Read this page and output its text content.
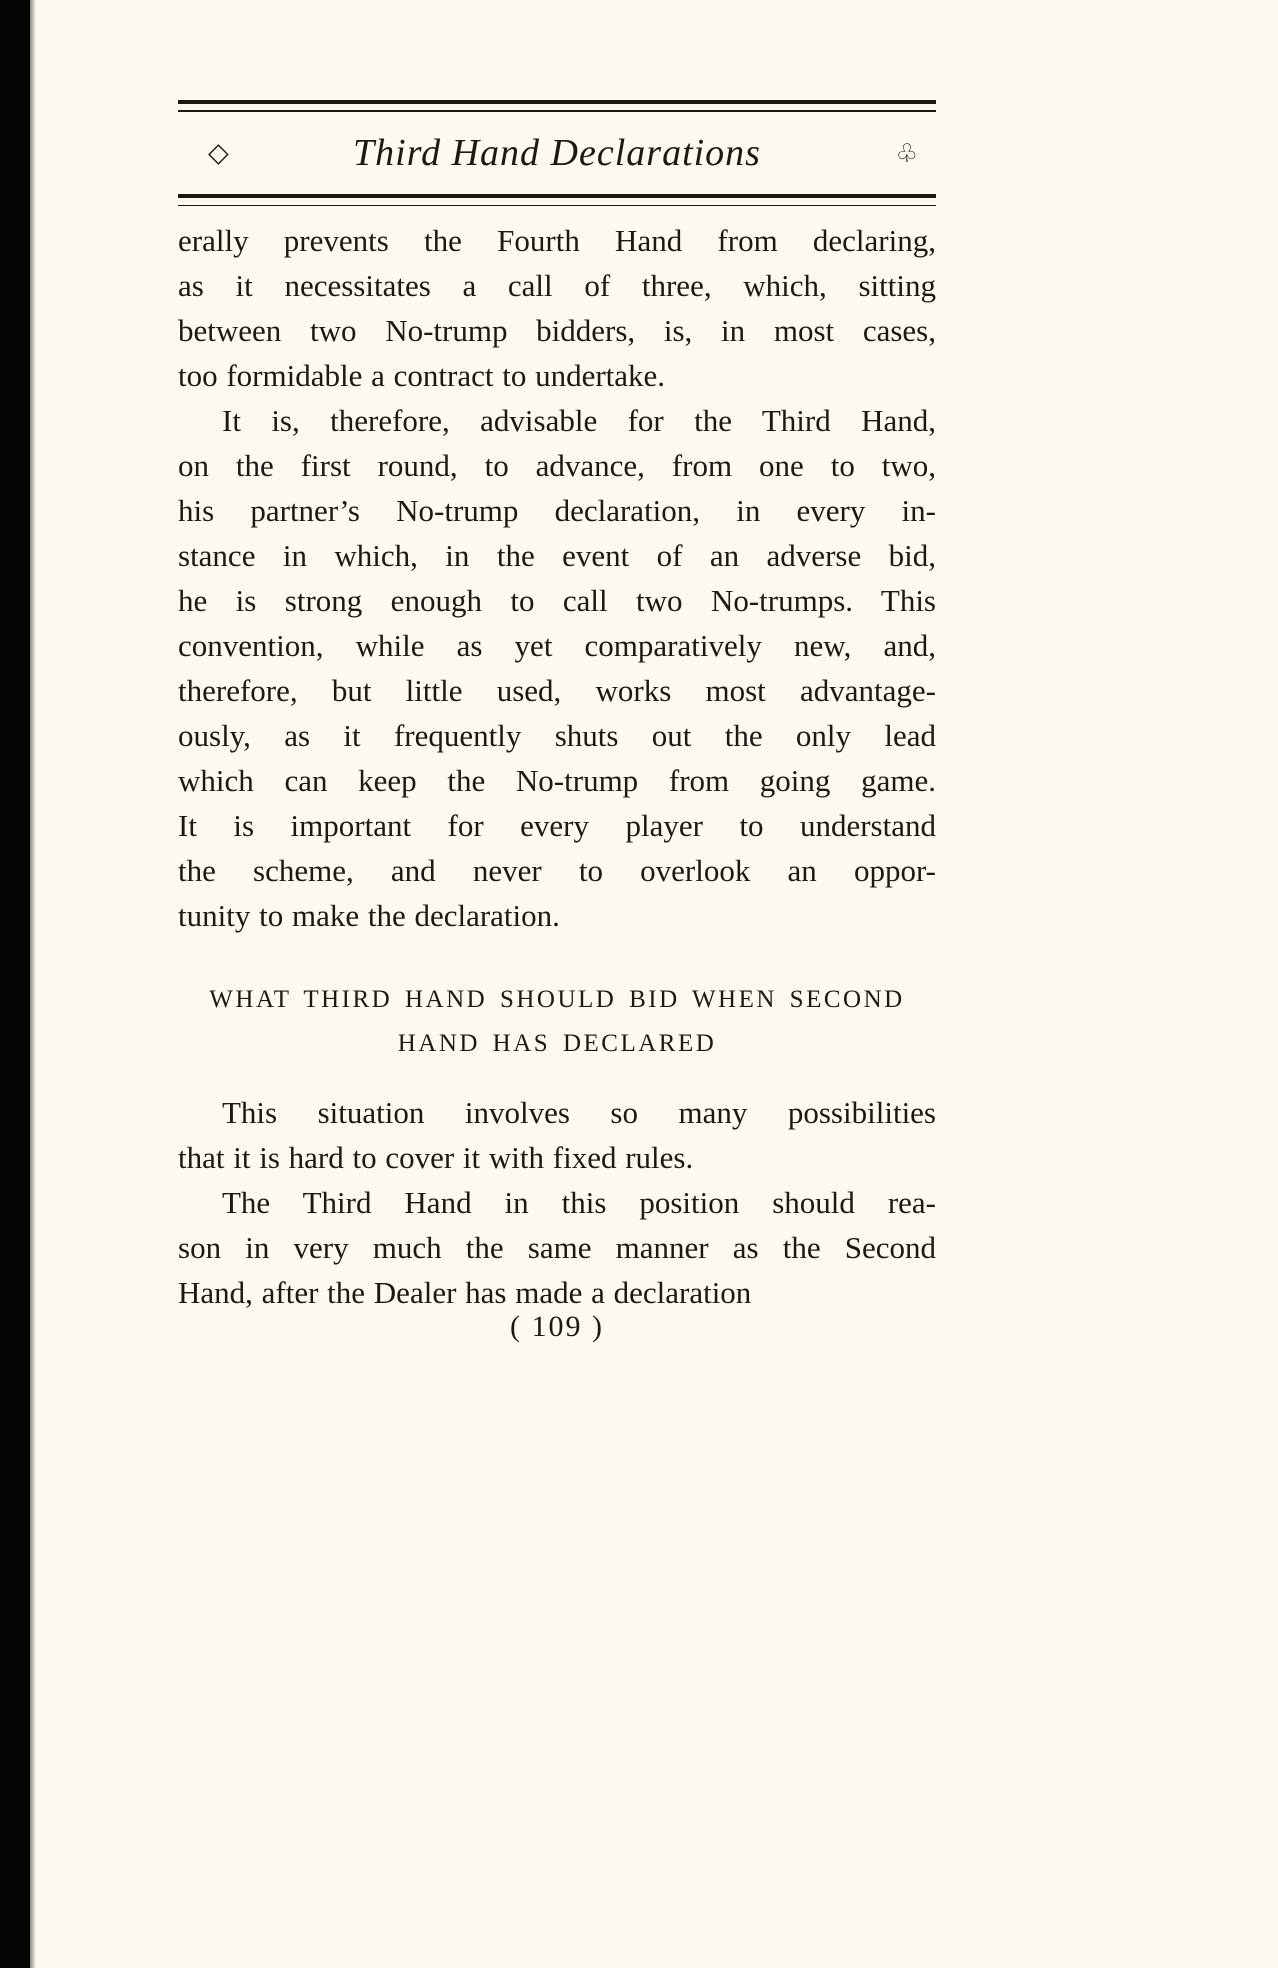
◇	Third Hand Declarations	♧
erally prevents the Fourth Hand from declaring,
as it necessitates a call of three, which, sitting
between two No-trump bidders, is, in most cases,
too formidable a contract to undertake.
It is, therefore, advisable for the Third Hand,
on the first round, to advance, from one to two,
his partner’s No-trump declaration, in every in-
stance in which, in the event of an adverse bid,
he is strong enough to call two No-trumps. This
convention, while as yet comparatively new, and,
therefore, but little used, works most advantage-
ously, as it frequently shuts out the only lead
which can keep the No-trump from going game.
It is important for every player to understand
the scheme, and never to overlook an oppor-
tunity to make the declaration.
WHAT THIRD HAND SHOULD BID WHEN SECOND
HAND HAS DECLARED
This situation involves so many possibilities
that it is hard to cover it with fixed rules.
The Third Hand in this position should rea-
son in very much the same manner as the Second
Hand, after the Dealer has made a declaration
( 109 )
